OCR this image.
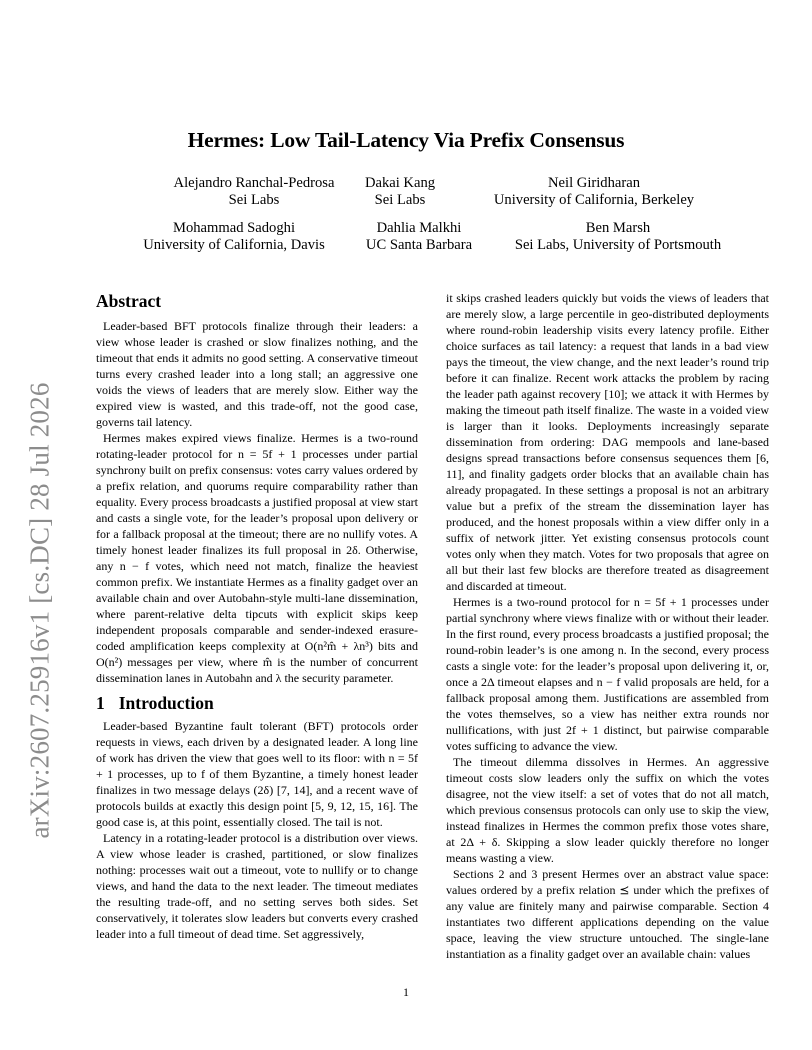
arXiv:2607.25916v1 [cs.DC] 28 Jul 2026
Hermes: Low Tail-Latency Via Prefix Consensus
Alejandro Ranchal-Pedrosa
Sei Labs
Dakai Kang
Sei Labs
Neil Giridharan
University of California, Berkeley
Mohammad Sadoghi
University of California, Davis
Dahlia Malkhi
UC Santa Barbara
Ben Marsh
Sei Labs, University of Portsmouth
Abstract

Leader-based BFT protocols finalize through their leaders: a view whose leader is crashed or slow finalizes nothing, and the timeout that ends it admits no good setting. A conservative timeout turns every crashed leader into a long stall; an aggressive one voids the views of leaders that are merely slow. Either way the expired view is wasted, and this trade-off, not the good case, governs tail latency.

Hermes makes expired views finalize. Hermes is a two-round rotating-leader protocol for n = 5f + 1 processes under partial synchrony built on prefix consensus: votes carry values ordered by a prefix relation, and quorums require comparability rather than equality. Every process broadcasts a justified proposal at view start and casts a single vote, for the leader’s proposal upon delivery or for a fallback proposal at the timeout; there are no nullify votes. A timely honest leader finalizes its full proposal in 2δ. Otherwise, any n − f votes, which need not match, finalize the heaviest common prefix. We instantiate Hermes as a finality gadget over an available chain and over Autobahn-style multi-lane dissemination, where parent-relative delta tipcuts with explicit skips keep independent proposals comparable and sender-indexed erasure-coded amplification keeps complexity at O(n²m̂ + λn³) bits and O(n²) messages per view, where m̂ is the number of concurrent dissemination lanes in Autobahn and λ the security parameter.

1 Introduction

Leader-based Byzantine fault tolerant (BFT) protocols order requests in views, each driven by a designated leader. A long line of work has driven the view that goes well to its floor: with n = 5f + 1 processes, up to f of them Byzantine, a timely honest leader finalizes in two message delays (2δ) [7, 14], and a recent wave of protocols builds at exactly this design point [5, 9, 12, 15, 16]. The good case is, at this point, essentially closed. The tail is not.

Latency in a rotating-leader protocol is a distribution over views. A view whose leader is crashed, partitioned, or slow finalizes nothing: processes wait out a timeout, vote to nullify or to change views, and hand the data to the next leader. The timeout mediates the resulting trade-off, and no setting serves both sides. Set conservatively, it tolerates slow leaders but converts every crashed leader into a full timeout of dead time. Set aggressively,

it skips crashed leaders quickly but voids the views of leaders that are merely slow, a large percentile in geo-distributed deployments where round-robin leadership visits every latency profile. Either choice surfaces as tail latency: a request that lands in a bad view pays the timeout, the view change, and the next leader’s round trip before it can finalize. Recent work attacks the problem by racing the leader path against recovery [10]; we attack it with Hermes by making the timeout path itself finalize. The waste in a voided view is larger than it looks. Deployments increasingly separate dissemination from ordering: DAG mempools and lane-based designs spread transactions before consensus sequences them [6, 11], and finality gadgets order blocks that an available chain has already propagated. In these settings a proposal is not an arbitrary value but a prefix of the stream the dissemination layer has produced, and the honest proposals within a view differ only in a suffix of network jitter. Yet existing consensus protocols count votes only when they match. Votes for two proposals that agree on all but their last few blocks are therefore treated as disagreement and discarded at timeout.

Hermes is a two-round protocol for n = 5f + 1 processes under partial synchrony where views finalize with or without their leader. In the first round, every process broadcasts a justified proposal; the round-robin leader’s is one among n. In the second, every process casts a single vote: for the leader’s proposal upon delivering it, or, once a 2Δ timeout elapses and n − f valid proposals are held, for a fallback proposal among them. Justifications are assembled from the votes themselves, so a view has neither extra rounds nor nullifications, with just 2f + 1 distinct, but pairwise comparable votes sufficing to advance the view.

The timeout dilemma dissolves in Hermes. An aggressive timeout costs slow leaders only the suffix on which the votes disagree, not the view itself: a set of votes that do not all match, which previous consensus protocols can only use to skip the view, instead finalizes in Hermes the common prefix those votes share, at 2Δ + δ. Skipping a slow leader quickly therefore no longer means wasting a view.

Sections 2 and 3 present Hermes over an abstract value space: values ordered by a prefix relation ⪯ under which the prefixes of any value are finitely many and pairwise comparable. Section 4 instantiates two different applications depending on the value space, leaving the view structure untouched. The single-lane instantiation as a finality gadget over an available chain: values

1
